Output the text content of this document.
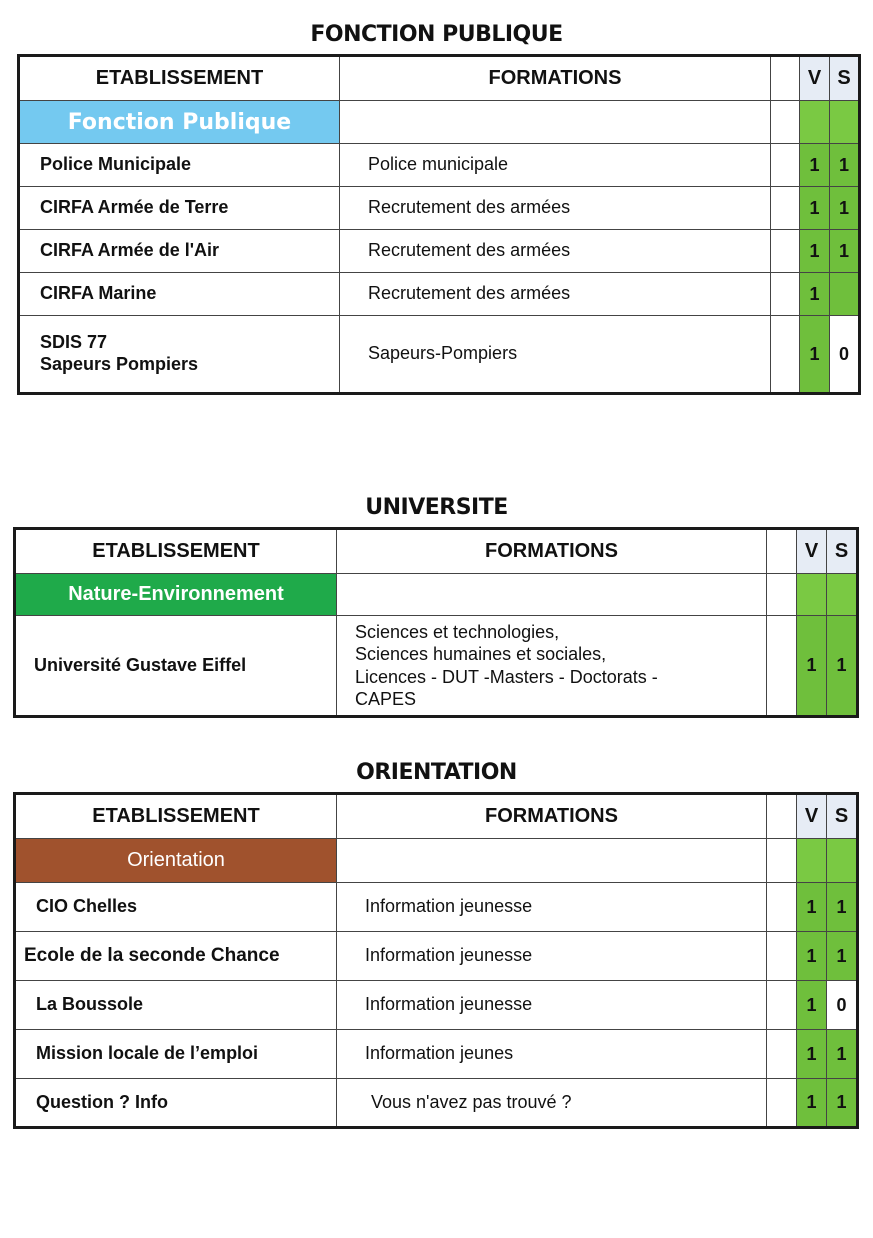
FONCTION PUBLIQUE
ETABLISSEMENT	FORMATIONS		V	S
Fonction Publique				
Police Municipale	Police municipale		1	1
CIRFA Armée de Terre	Recrutement des armées		1	1
CIRFA Armée de l'Air	Recrutement des armées		1	1
CIRFA Marine	Recrutement des armées		1	

SDIS 77
Sapeurs Pompiers	Sapeurs-Pompiers		1	0
UNIVERSITE
ETABLISSEMENT	FORMATIONS		V	S
Nature-Environnement				
Université Gustave Eiffel	Sciences et technologies,
Sciences humaines et sociales,
Licences - DUT -Masters - Doctorats -
CAPES		1	1
ORIENTATION
ETABLISSEMENT	FORMATIONS		V	S
Orientation				
CIO Chelles	Information jeunesse		1	1
Ecole de la seconde Chance	Information jeunesse		1	1
La Boussole	Information jeunesse		1	0
Mission locale de l’emploi	Information jeunes		1	1
Question ? Info	Vous n'avez pas trouvé ?		1	1
